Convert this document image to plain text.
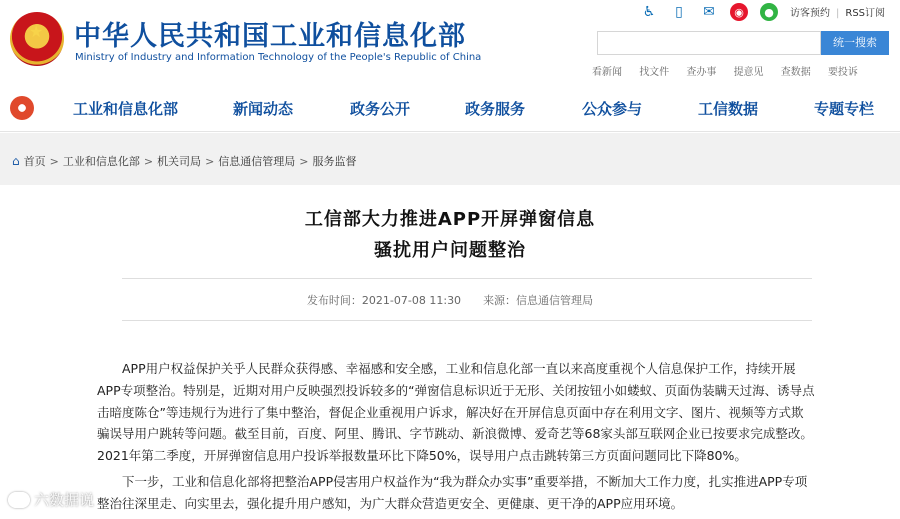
★ 中华人民共和国工业和信息化部
Ministry of Industry and Information Technology of the People's Republic of China
♿	▯	✉	◉	●	访客预约 | RSS订阅
统一搜索
看新闻 找文件 查办事 提意见 查数据 要投诉
工业和信息化部	新闻动态	政务公开	政务服务	公众参与	工信数据	专题专栏
⌂ 首页 > 工业和信息化部 > 机关司局 > 信息通信管理局 > 服务监督
工信部大力推进APP开屏弹窗信息
骚扰用户问题整治
发布时间：2021-07-08 11:30 来源：信息通信管理局
APP用户权益保护关乎人民群众获得感、幸福感和安全感，工业和信息化部一直以来高度重视个人信息保护工作，持续开展APP专项整治。特别是，近期对用户反映强烈投诉较多的“弹窗信息标识近于无形、关闭按钮小如蝼蚁、页面伪装瞒天过海、诱导点击暗度陈仓”等违规行为进行了集中整治，督促企业重视用户诉求，解决好在开屏信息页面中存在利用文字、图片、视频等方式欺骗误导用户跳转等问题。截至目前，百度、阿里、腾讯、字节跳动、新浪微博、爱奇艺等68家头部互联网企业已按要求完成整改。2021年第二季度，开屏弹窗信息用户投诉举报数量环比下降50%，误导用户点击跳转第三方页面问题同比下降80%。
下一步，工业和信息化部将把整治APP侵害用户权益作为“我为群众办实事”重要举措，不断加大工作力度，扎实推进APP专项整治往深里走、向实里去，强化提升用户感知，为广大群众营造更安全、更健康、更干净的APP应用环境。
六数据说
